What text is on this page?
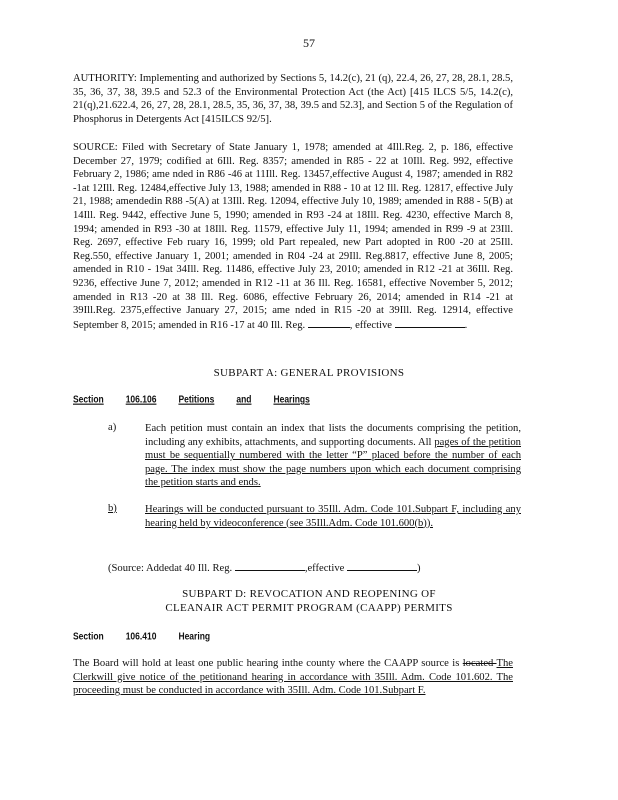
57
AUTHORITY: Implementing and authorized by Sections 5, 14.2(c), 21 (q), 22.4, 26, 27, 28, 28.1, 28.5, 35, 36, 37, 38, 39.5 and 52.3 of the Environmental Protection Act (the Act) [415 ILCS 5/5, 14.2(c), 21(q),21.622.4, 26, 27, 28, 28.1, 28.5, 35, 36, 37, 38, 39.5 and 52.3], and Section 5 of the Regulation of Phosphorus in Detergents Act [415ILCS 92/5].
SOURCE: Filed with Secretary of State January 1, 1978; amended at 4Ill.Reg. 2, p. 186, effective December 27, 1979; codified at 6Ill. Reg. 8357; amended in R85 - 22 at 10Ill. Reg. 992, effective February 2, 1986; ame nded in R86 -46 at 11Ill. Reg. 13457,effective August 4, 1987; amended in R82 -1at 12Ill. Reg. 12484,effective July 13, 1988; amended in R88 - 10 at 12 Ill. Reg. 12817, effective July 21, 1988; amendedin R88 -5(A) at 13Ill. Reg. 12094, effective July 10, 1989; amended in R88 - 5(B) at 14Ill. Reg. 9442, effective June 5, 1990; amended in R93 -24 at 18Ill. Reg. 4230, effective March 8, 1994; amended in R93 -30 at 18Ill. Reg. 11579, effective July 11, 1994; amended in R99 -9 at 23Ill. Reg. 2697, effective Feb ruary 16, 1999; old Part repealed, new Part adopted in R00 -20 at 25Ill. Reg.550, effective January 1, 2001; amended in R04 -24 at 29Ill. Reg.8817, effective June 8, 2005; amended in R10 - 19at 34Ill. Reg. 11486, effective July 23, 2010; amended in R12 -21 at 36Ill. Reg. 9236, effective June 7, 2012; amended in R12 -11 at 36 Ill. Reg. 16581, effective November 5, 2012; amended in R13 -20 at 38 Ill. Reg. 6086, effective February 26, 2014; amended in R14 -21 at 39Ill.Reg. 2375,effective January 27, 2015; ame nded in R15 -20 at 39Ill. Reg. 12914, effective September 8, 2015; amended in R16 -17 at 40 Ill. Reg.	, effective	.
SUBPART A: GENERAL PROVISIONS
Section	106.106	Petitions	and	Hearings
a)	Each petition must contain an index that lists the documents comprising the petition, including any exhibits, attachments, and supporting documents. All pages of the petition must be sequentially numbered with the letter “P” placed before the number of each page. The index must show the page numbers upon which each document comprising the petition starts and ends.
b)	Hearings will be conducted pursuant to 35Ill. Adm. Code 101.Subpart F, including any hearing held by videoconference (see 35Ill.Adm. Code 101.600(b)).
(Source: Addedat 40 Ill. Reg.	,effective	)
SUBPART D: REVOCATION AND REOPENING OF
CLEANAIR ACT PERMIT PROGRAM (CAAPP) PERMITS
Section	106.410	Hearing
The Board will hold at least one public hearing inthe county where the CAAPP source is located The Clerkwill give notice of the petitionand hearing in accordance with 35Ill. Adm. Code 101.602. The proceeding must be conducted in accordance with 35Ill. Adm. Code 101.Subpart F.
